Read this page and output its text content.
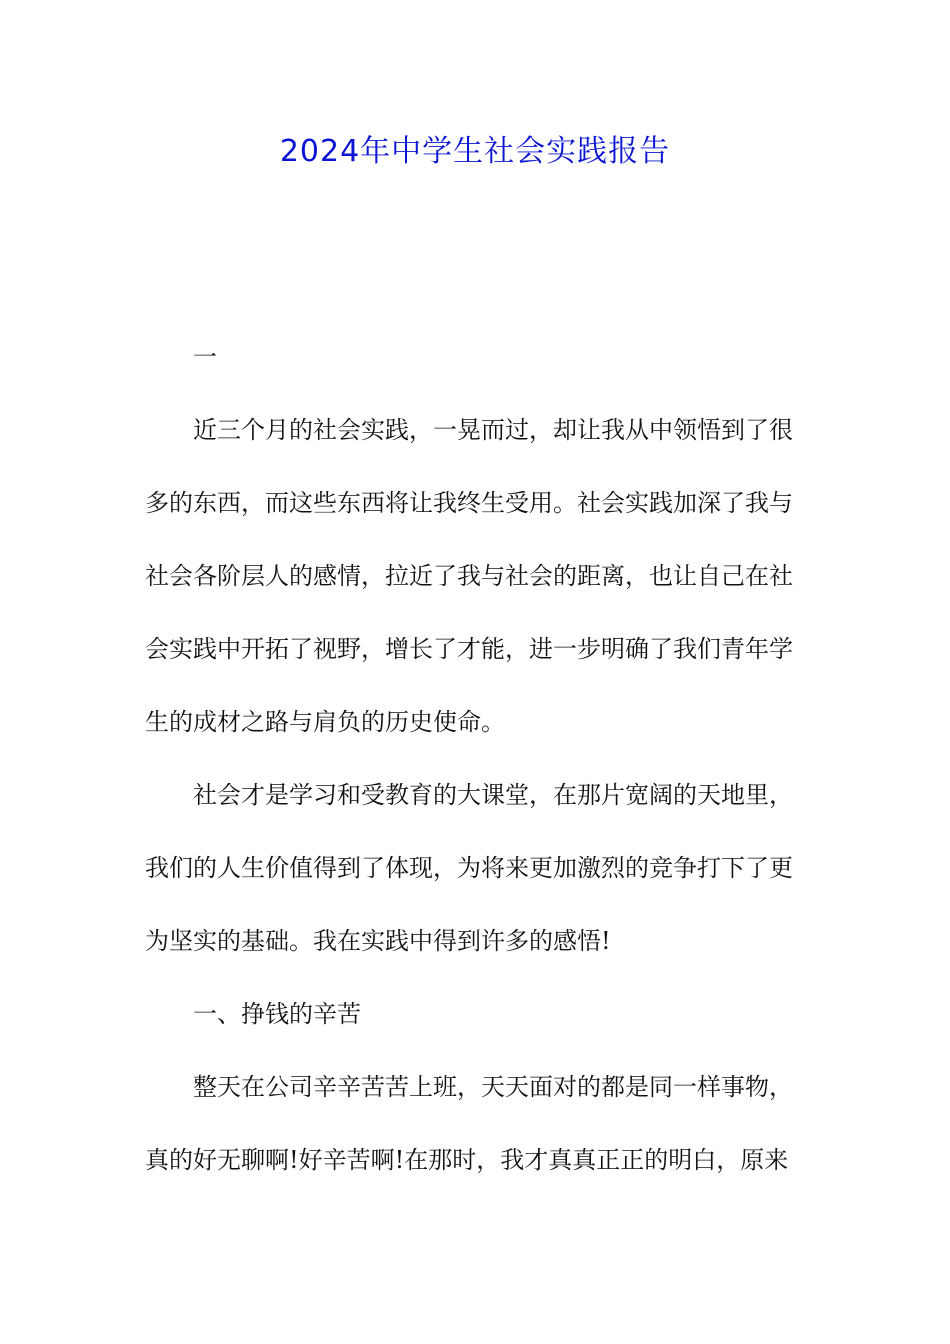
2024年中学生社会实践报告
一
近三个月的社会实践，一晃而过，却让我从中领悟到了很
多的东西，而这些东西将让我终生受用。社会实践加深了我与
社会各阶层人的感情，拉近了我与社会的距离，也让自己在社
会实践中开拓了视野，增长了才能，进一步明确了我们青年学
生的成材之路与肩负的历史使命。
社会才是学习和受教育的大课堂，在那片宽阔的天地里，
我们的人生价值得到了体现，为将来更加激烈的竞争打下了更
为坚实的基础。我在实践中得到许多的感悟!
一、挣钱的辛苦
整天在公司辛辛苦苦上班，天天面对的都是同一样事物，
真的好无聊啊!好辛苦啊!在那时，我才真真正正的明白，原来
